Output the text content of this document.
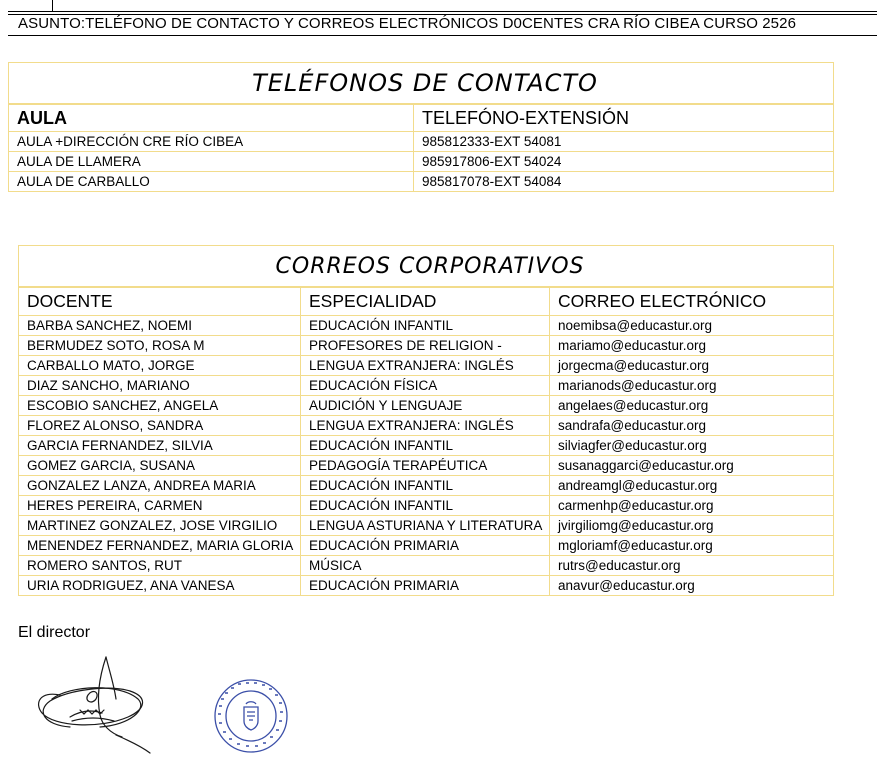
ASUNTO:TELÉFONO DE CONTACTO Y CORREOS ELECTRÓNICOS D0CENTES CRA RÍO CIBEA CURSO 2526
TELÉFONOS DE CONTACTO	
AULA	TELEFÓNO-EXTENSIÓN
AULA +DIRECCIÓN CRE RÍO CIBEA	985812333-EXT 54081
AULA DE LLAMERA	985917806-EXT 54024
AULA DE CARBALLO	985817078-EXT 54084
CORREOS CORPORATIVOS		
DOCENTE	ESPECIALIDAD	CORREO ELECTRÓNICO
BARBA SANCHEZ, NOEMI	EDUCACIÓN INFANTIL	noemibsa@educastur.org
BERMUDEZ SOTO, ROSA M	PROFESORES DE RELIGION -	mariamo@educastur.org
CARBALLO MATO, JORGE	LENGUA EXTRANJERA: INGLÉS	jorgecma@educastur.org
DIAZ SANCHO, MARIANO	EDUCACIÓN FÍSICA	marianods@educastur.org
ESCOBIO SANCHEZ, ANGELA	AUDICIÓN Y LENGUAJE	angelaes@educastur.org
FLOREZ ALONSO, SANDRA	LENGUA EXTRANJERA: INGLÉS	sandrafa@educastur.org
GARCIA FERNANDEZ, SILVIA	EDUCACIÓN INFANTIL	silviagfer@educastur.org
GOMEZ GARCIA, SUSANA	PEDAGOGÍA TERAPÉUTICA	susanaggarci@educastur.org
GONZALEZ LANZA, ANDREA MARIA	EDUCACIÓN INFANTIL	andreamgl@educastur.org
HERES PEREIRA, CARMEN	EDUCACIÓN INFANTIL	carmenhp@educastur.org
MARTINEZ GONZALEZ, JOSE VIRGILIO	LENGUA ASTURIANA Y LITERATURA	jvirgiliomg@educastur.org
MENENDEZ FERNANDEZ, MARIA GLORIA	EDUCACIÓN PRIMARIA	mgloriamf@educastur.org
ROMERO SANTOS, RUT	MÚSICA	rutrs@educastur.org
URIA RODRIGUEZ, ANA VANESA	EDUCACIÓN PRIMARIA	anavur@educastur.org
El director
